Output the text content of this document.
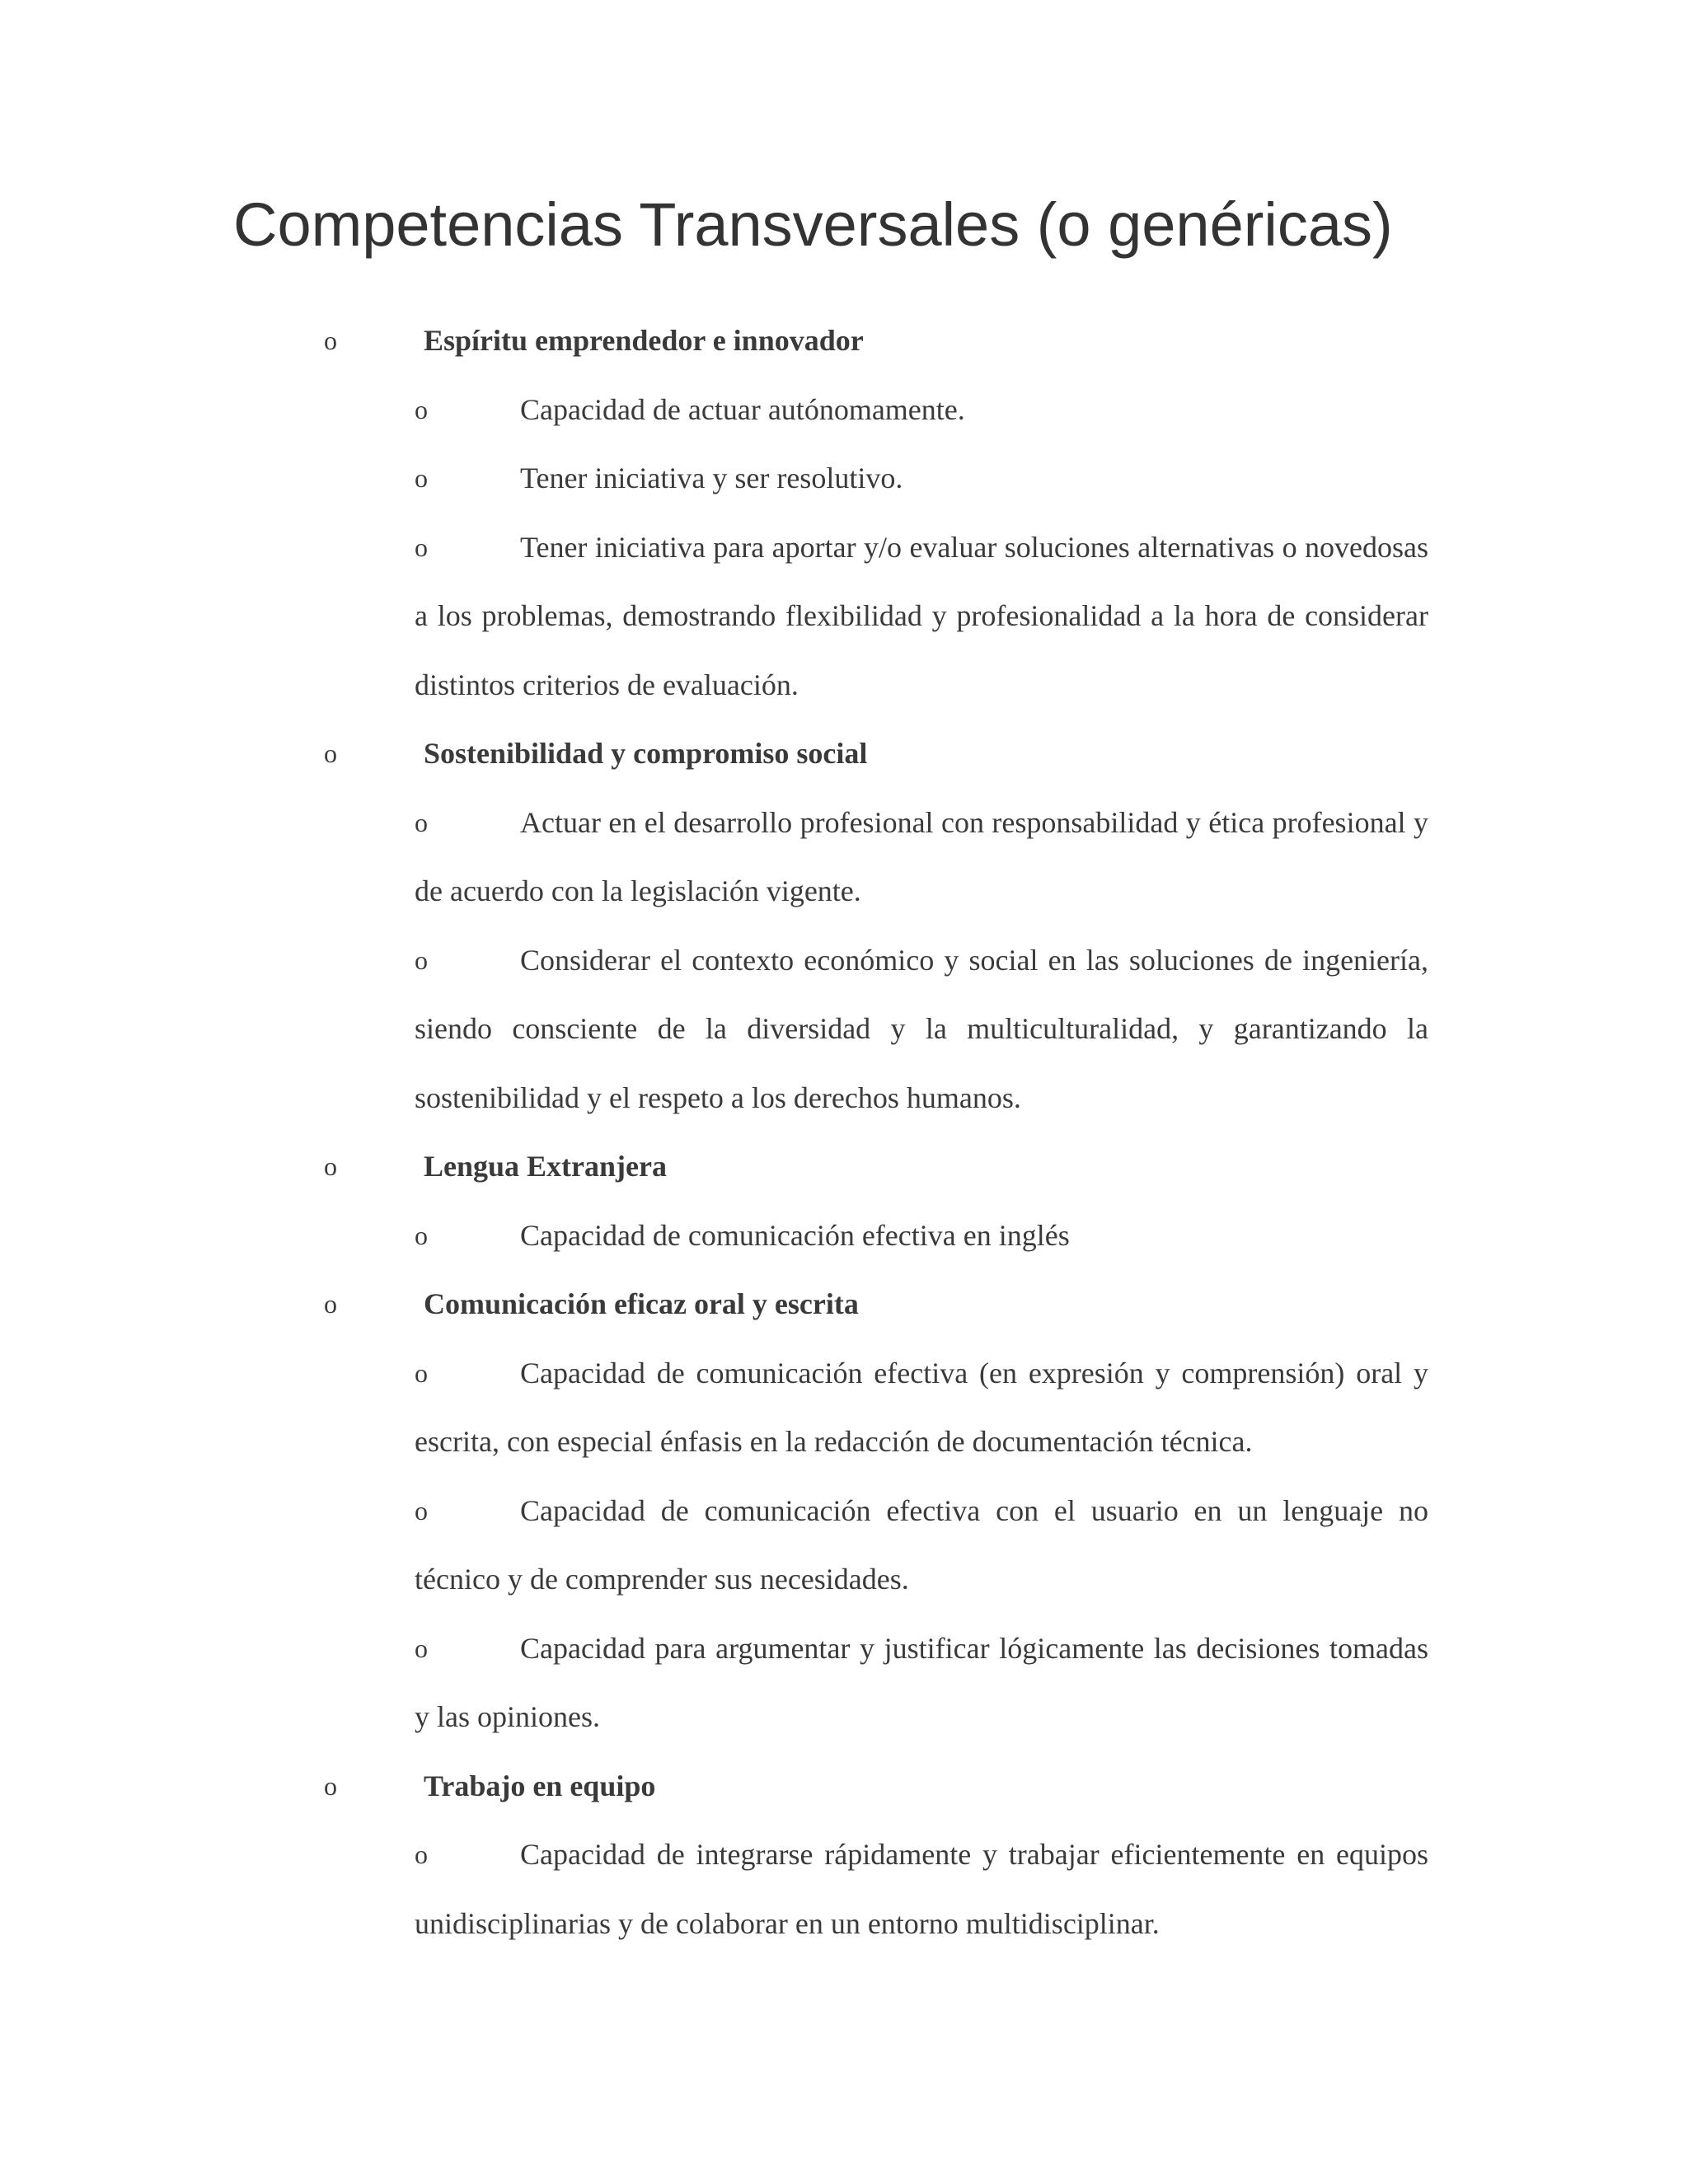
Competencias Transversales (o genéricas)
o	Espíritu emprendedor e innovador
o	Capacidad de actuar autónomamente.
o	Tener iniciativa y ser resolutivo.
o	Tener iniciativa para aportar y/o evaluar soluciones alternativas o novedosas a los problemas, demostrando flexibilidad y profesionalidad a la hora de considerar distintos criterios de evaluación.
o	Sostenibilidad y compromiso social
o	Actuar en el desarrollo profesional con responsabilidad y ética profesional y de acuerdo con la legislación vigente.
o	Considerar el contexto económico y social en las soluciones de ingeniería, siendo consciente de la diversidad y la multiculturalidad, y garantizando la sostenibilidad y el respeto a los derechos humanos.
o	Lengua Extranjera
o	Capacidad de comunicación efectiva en inglés
o	Comunicación eficaz oral y escrita
o	Capacidad de comunicación efectiva (en expresión y comprensión) oral y escrita, con especial énfasis en la redacción de documentación técnica.
o	Capacidad de comunicación efectiva con el usuario en un lenguaje no técnico y de comprender sus necesidades.
o	Capacidad para argumentar y justificar lógicamente las decisiones tomadas y las opiniones.
o	Trabajo en equipo
o	Capacidad de integrarse rápidamente y trabajar eficientemente en equipos unidisciplinarias y de colaborar en un entorno multidisciplinar.
